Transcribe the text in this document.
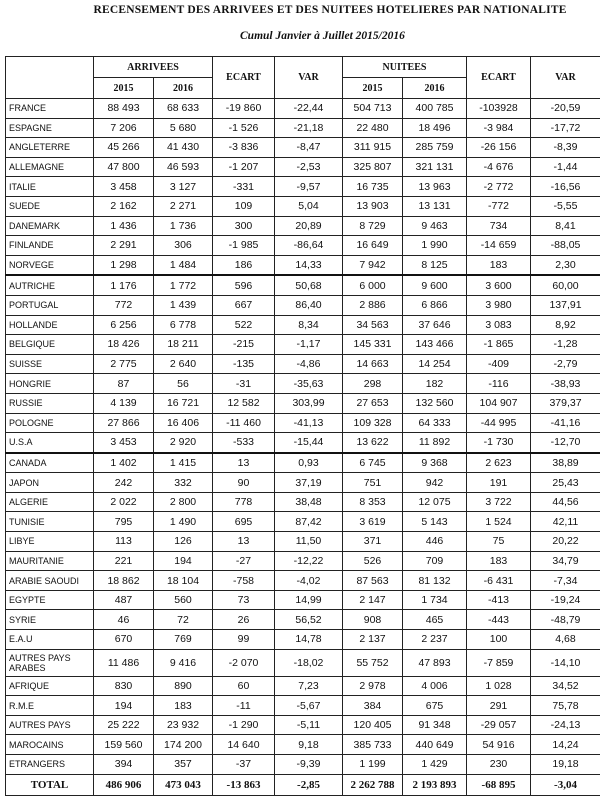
RECENSEMENT DES ARRIVEES ET DES NUITEES HOTELIERES PAR NATIONALITE
Cumul Janvier à Juillet 2015/2016
	ARRIVEES		ECART	VAR	NUITEES		ECART	VAR
	2015	2016			2015	2016		
FRANCE	88 493	68 633	-19 860	-22,44	504 713	400 785	-103928	-20,59
ESPAGNE	7 206	5 680	-1 526	-21,18	22 480	18 496	-3 984	-17,72
ANGLETERRE	45 266	41 430	-3 836	-8,47	311 915	285 759	-26 156	-8,39
ALLEMAGNE	47 800	46 593	-1 207	-2,53	325 807	321 131	-4 676	-1,44
ITALIE	3 458	3 127	-331	-9,57	16 735	13 963	-2 772	-16,56
SUEDE	2 162	2 271	109	5,04	13 903	13 131	-772	-5,55
DANEMARK	1 436	1 736	300	20,89	8 729	9 463	734	8,41
FINLANDE	2 291	306	-1 985	-86,64	16 649	1 990	-14 659	-88,05
NORVEGE	1 298	1 484	186	14,33	7 942	8 125	183	2,30
AUTRICHE	1 176	1 772	596	50,68	6 000	9 600	3 600	60,00
PORTUGAL	772	1 439	667	86,40	2 886	6 866	3 980	137,91
HOLLANDE	6 256	6 778	522	8,34	34 563	37 646	3 083	8,92
BELGIQUE	18 426	18 211	-215	-1,17	145 331	143 466	-1 865	-1,28
SUISSE	2 775	2 640	-135	-4,86	14 663	14 254	-409	-2,79
HONGRIE	87	56	-31	-35,63	298	182	-116	-38,93
RUSSIE	4 139	16 721	12 582	303,99	27 653	132 560	104 907	379,37
POLOGNE	27 866	16 406	-11 460	-41,13	109 328	64 333	-44 995	-41,16
U.S.A	3 453	2 920	-533	-15,44	13 622	11 892	-1 730	-12,70
CANADA	1 402	1 415	13	0,93	6 745	9 368	2 623	38,89
JAPON	242	332	90	37,19	751	942	191	25,43
ALGERIE	2 022	2 800	778	38,48	8 353	12 075	3 722	44,56
TUNISIE	795	1 490	695	87,42	3 619	5 143	1 524	42,11
LIBYE	113	126	13	11,50	371	446	75	20,22
MAURITANIE	221	194	-27	-12,22	526	709	183	34,79
ARABIE SAOUDI	18 862	18 104	-758	-4,02	87 563	81 132	-6 431	-7,34
EGYPTE	487	560	73	14,99	2 147	1 734	-413	-19,24
SYRIE	46	72	26	56,52	908	465	-443	-48,79
E.A.U	670	769	99	14,78	2 137	2 237	100	4,68
AUTRES PAYS ARABES	11 486	9 416	-2 070	-18,02	55 752	47 893	-7 859	-14,10
AFRIQUE	830	890	60	7,23	2 978	4 006	1 028	34,52
R.M.E	194	183	-11	-5,67	384	675	291	75,78
AUTRES PAYS	25 222	23 932	-1 290	-5,11	120 405	91 348	-29 057	-24,13
MAROCAINS	159 560	174 200	14 640	9,18	385 733	440 649	54 916	14,24
ETRANGERS	394	357	-37	-9,39	1 199	1 429	230	19,18
TOTAL	486 906	473 043	-13 863	-2,85	2 262 788	2 193 893	-68 895	-3,04
